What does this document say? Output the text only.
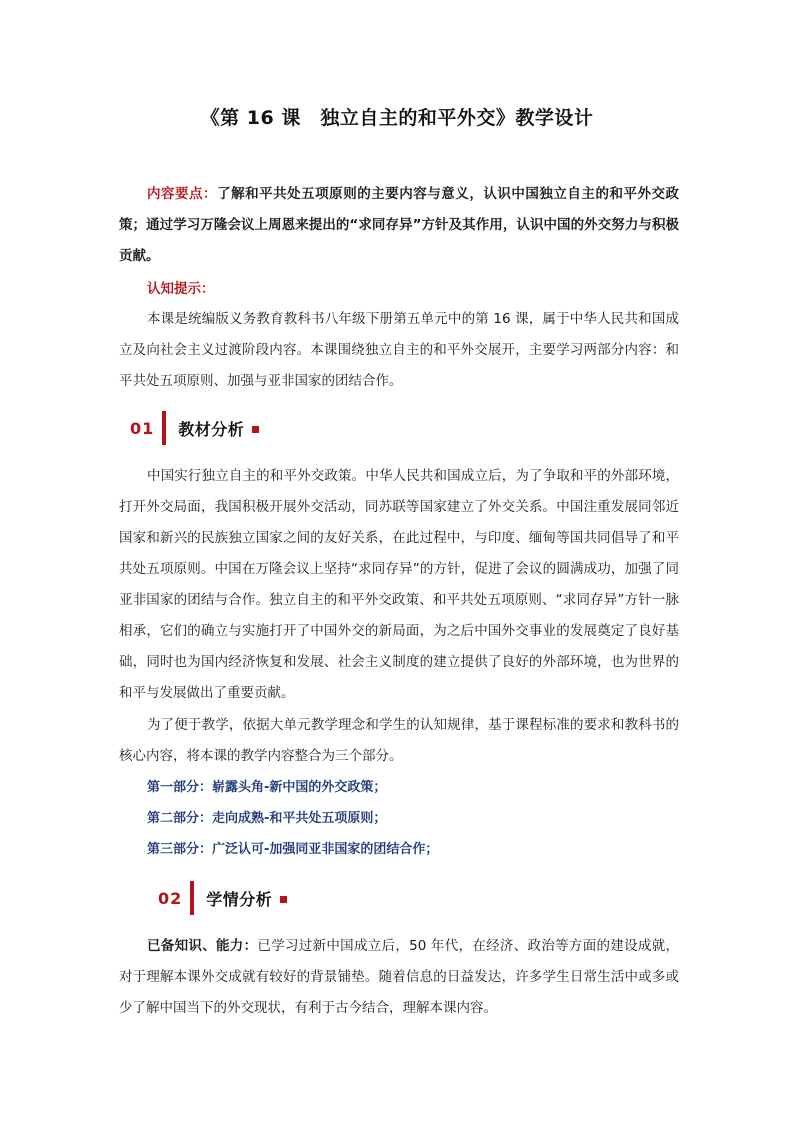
《第 16 课　独立自主的和平外交》教学设计

内容要点：了解和平共处五项原则的主要内容与意义，认识中国独立自主的和平外交政策；通过学习万隆会议上周恩来提出的“求同存异”方针及其作用，认识中国的外交努力与积极贡献。

认知提示：

本课是统编版义务教育教科书八年级下册第五单元中的第 16 课，属于中华人民共和国成立及向社会主义过渡阶段内容。本课围绕独立自主的和平外交展开，主要学习两部分内容：和平共处五项原则、加强与亚非国家的团结合作。

01 教材分析

中国实行独立自主的和平外交政策。中华人民共和国成立后，为了争取和平的外部环境，打开外交局面，我国积极开展外交活动，同苏联等国家建立了外交关系。中国注重发展同邻近国家和新兴的民族独立国家之间的友好关系，在此过程中，与印度、缅甸等国共同倡导了和平共处五项原则。中国在万隆会议上坚持“求同存异”的方针，促进了会议的圆满成功，加强了同亚非国家的团结与合作。独立自主的和平外交政策、和平共处五项原则、“求同存异”方针一脉相承，它们的确立与实施打开了中国外交的新局面，为之后中国外交事业的发展奠定了良好基础，同时也为国内经济恢复和发展、社会主义制度的建立提供了良好的外部环境，也为世界的和平与发展做出了重要贡献。

为了便于教学，依据大单元教学理念和学生的认知规律，基于课程标准的要求和教科书的核心内容，将本课的教学内容整合为三个部分。

第一部分：崭露头角-新中国的外交政策；
第二部分：走向成熟-和平共处五项原则；
第三部分：广泛认可-加强同亚非国家的团结合作；
02 学情分析

已备知识、能力：已学习过新中国成立后，50 年代，在经济、政治等方面的建设成就，对于理解本课外交成就有较好的背景铺垫。随着信息的日益发达，许多学生日常生活中或多或少了解中国当下的外交现状，有利于古今结合，理解本课内容。
